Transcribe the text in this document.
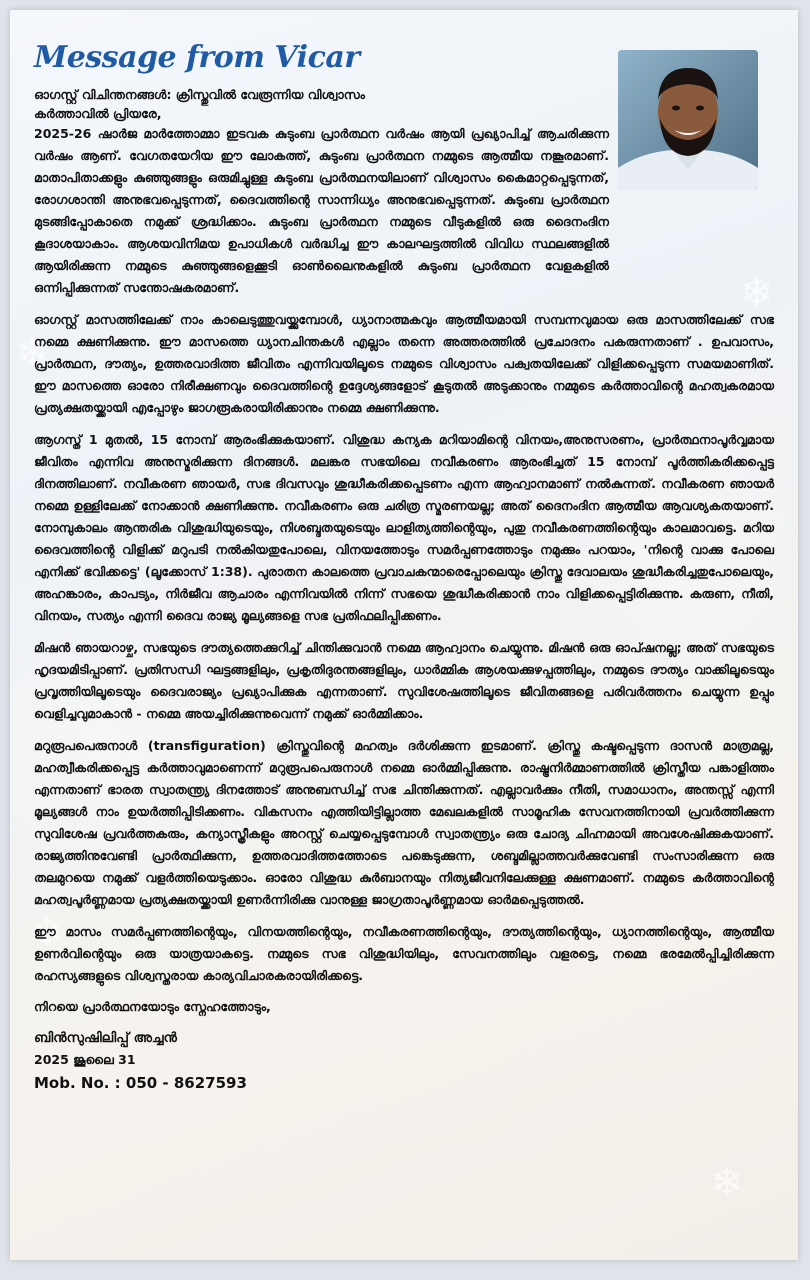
❄
❄
❄
❄
Message from Vicar

ഓഗസ്റ്റ് വിചിന്തനങ്ങൾ: ക്രിസ്തുവിൽ വേരൂന്നിയ വിശ്വാസം

കർത്താവിൽ പ്രിയരേ,

2025-26 ഷാർജ മാർത്തോമ്മാ ഇടവക കുടുംബ പ്രാർത്ഥന വർഷം ആയി പ്രഖ്യാപിച്ച് ആചരിക്കുന്ന വർഷം ആണ്. വേഗതയേറിയ ഈ ലോകത്ത്, കുടുംബ പ്രാർത്ഥന നമ്മുടെ ആത്മീയ നങ്കൂരമാണ്. മാതാപിതാക്കളും കുഞ്ഞുങ്ങളും ഒരുമിച്ചുള്ള കുടുംബ പ്രാർത്ഥനയിലാണ് വിശ്വാസം കൈമാറ്റപ്പെടുന്നത്, രോഗശാന്തി അനുഭവപ്പെടുന്നത്, ദൈവത്തിന്റെ സാന്നിധ്യം അനുഭവപ്പെടുന്നത്. കുടുംബ പ്രാർത്ഥന മുടങ്ങിപ്പോകാതെ നമുക്ക് ശ്രദ്ധിക്കാം. കുടുംബ പ്രാർത്ഥന നമ്മുടെ വീടുകളിൽ ഒരു ദൈനംദിന കൂദാശയാകാം. ആശയവിനിമയ ഉപാധികൾ വർദ്ധിച്ച ഈ കാലഘട്ടത്തിൽ വിവിധ സ്ഥലങ്ങളിൽ ആയിരിക്കുന്ന നമ്മുടെ കുഞ്ഞുങ്ങളെക്കൂടി ഓൺലൈനുകളിൽ കുടുംബ പ്രാർത്ഥന വേളകളിൽ ഒന്നിപ്പിക്കുന്നത് സന്തോഷകരമാണ്.

ഓഗസ്റ്റ് മാസത്തിലേക്ക് നാം കാലെടുത്തുവയ്ക്കുമ്പോൾ, ധ്യാനാത്മകവും ആത്മീയമായി സമ്പന്നവുമായ ഒരു മാസത്തിലേക്ക് സഭ നമ്മെ ക്ഷണിക്കുന്നു. ഈ മാസത്തെ ധ്യാനചിന്തകൾ എല്ലാം തന്നെ അത്തരത്തിൽ പ്രചോദനം പകരുന്നതാണ് . ഉപവാസം, പ്രാർത്ഥന, ദൗത്യം, ഉത്തരവാദിത്ത ജീവിതം എന്നിവയിലൂടെ നമ്മുടെ വിശ്വാസം പക്വതയിലേക്ക് വിളിക്കപ്പെടുന്ന സമയമാണിത്. ഈ മാസത്തെ ഓരോ നിരീക്ഷണവും ദൈവത്തിന്റെ ഉദ്ദേശ്യങ്ങളോട് കൂടുതൽ അടുക്കാനും നമ്മുടെ കർത്താവിന്റെ മഹത്വകരമായ പ്രത്യക്ഷതയ്ക്കായി എപ്പോഴും ജാഗരൂകരായിരിക്കാനും നമ്മെ ക്ഷണിക്കുന്നു.

ആഗസ്ത് 1 മുതൽ, 15 നോമ്പ് ആരംഭിക്കുകയാണ്. വിശുദ്ധ കന്യക മറിയാമിന്റെ വിനയം,അനുസരണം, പ്രാർത്ഥനാപൂർവ്വമായ ജീവിതം എന്നിവ അനുസ്മരിക്കുന്ന ദിനങ്ങൾ. മലങ്കര സഭയിലെ നവീകരണം ആരംഭിച്ചത് 15 നോമ്പ് പൂർത്തികരിക്കപ്പെട്ട ദിനത്തിലാണ്. നവീകരണ ഞായർ, സഭ ദിവസവും ശുദ്ധീകരിക്കപ്പെടണം എന്ന ആഹ്വാനമാണ് നൽകുന്നത്. നവീകരണ ഞായർ നമ്മെ ഉള്ളിലേക്ക് നോക്കാൻ ക്ഷണിക്കുന്നു. നവീകരണം ഒരു ചരിത്ര സ്മരണയല്ല; അത് ദൈനംദിന ആത്മീയ ആവശ്യകതയാണ്. നോമ്പുകാലം ആന്തരിക വിശുദ്ധിയുടെയും, നിശബ്ദതയുടെയും ലാളിത്യത്തിന്റെയും, പുതു നവീകരണത്തിന്റെയും കാലമാവട്ടെ. മറിയ ദൈവത്തിന്റെ വിളിക്ക് മറുപടി നൽകിയതുപോലെ, വിനയത്തോടും സമർപ്പണത്തോടും നമുക്കും പറയാം, 'നിന്റെ വാക്കു പോലെ എനിക്ക് ഭവിക്കട്ടെ' (ലൂക്കോസ് 1:38). പുരാതന കാലത്തെ പ്രവാചകന്മാരെപ്പോലെയും ക്രിസ്തു ദേവാലയം ശുദ്ധീകരിച്ചതുപോലെയും, അഹങ്കാരം, കാപട്യം, നിർജീവ ആചാരം എന്നിവയിൽ നിന്ന് സഭയെ ശുദ്ധീകരിക്കാൻ നാം വിളിക്കപ്പെട്ടിരിക്കുന്നു. കരുണ, നീതി, വിനയം, സത്യം എന്നി ദൈവ രാജ്യ മൂല്യങ്ങളെ സഭ പ്രതിഫലിപ്പിക്കണം.

മിഷൻ ഞായറാഴ്ച, സഭയുടെ ദൗത്യത്തെക്കുറിച്ച് ചിന്തിക്കുവാൻ നമ്മെ ആഹ്വാനം ചെയ്യുന്നു. മിഷൻ ഒരു ഓപ്ഷനല്ല; അത് സഭയുടെ ഹൃദയമിടിപ്പാണ്. പ്രതിസന്ധി ഘട്ടങ്ങളിലും, പ്രകൃതിദുരന്തങ്ങളിലും, ധാർമ്മിക ആശയക്കുഴപ്പത്തിലും, നമ്മുടെ ദൗത്യം വാക്കിലൂടെയും പ്രവൃത്തിയിലൂടെയും ദൈവരാജ്യം പ്രഖ്യാപിക്കുക എന്നതാണ്. സുവിശേഷത്തിലൂടെ ജീവിതങ്ങളെ പരിവർത്തനം ചെയ്യുന്ന ഉപ്പും വെളിച്ചവുമാകാൻ - നമ്മെ അയച്ചിരിക്കുന്നുവെന്ന് നമുക്ക് ഓർമ്മിക്കാം.

മറുരൂപപെരുനാൾ (transfiguration) ക്രിസ്തുവിന്റെ മഹത്വം ദർശിക്കുന്ന ഇടമാണ്. ക്രിസ്തു കഷ്ടപ്പെടുന്ന ദാസൻ മാത്രമല്ല, മഹത്വീകരിക്കപ്പെട്ട കർത്താവുമാണെന്ന് മറുരൂപപെരുനാൾ നമ്മെ ഓർമ്മിപ്പിക്കുന്നു. രാഷ്ട്രനിർമ്മാണത്തിൽ ക്രിസ്തീയ പങ്കാളിത്തം എന്നതാണ് ഭാരത സ്വാതന്ത്ര്യ ദിനത്തോട് അനുബന്ധിച്ച് സഭ ചിന്തിക്കുന്നത്. എല്ലാവർക്കും നീതി, സമാധാനം, അന്തസ്സ് എന്നി മൂല്യങ്ങൾ നാം ഉയർത്തിപ്പിടിക്കണം. വികസനം എത്തിയിട്ടില്ലാത്ത മേഖലകളിൽ സാമൂഹിക സേവനത്തിനായി പ്രവർത്തിക്കുന്ന സുവിശേഷ പ്രവർത്തകരും, കന്യാസ്ത്രീകളും അറസ്റ്റ് ചെയ്യപ്പെടുമ്പോൾ സ്വാതന്ത്ര്യം ഒരു ചോദ്യ ചിഹ്നമായി അവശേഷിക്കുകയാണ്. രാജ്യത്തിനുവേണ്ടി പ്രാർത്ഥിക്കുന്ന, ഉത്തരവാദിത്തത്തോടെ പങ്കെടുക്കുന്ന, ശബ്ദമില്ലാത്തവർക്കുവേണ്ടി സംസാരിക്കുന്ന ഒരു തലമുറയെ നമുക്ക് വളർത്തിയെടുക്കാം. ഓരോ വിശുദ്ധ കുർബാനയും നിത്യജീവനിലേക്കുള്ള ക്ഷണമാണ്. നമ്മുടെ കർത്താവിന്റെ മഹത്വപൂർണ്ണമായ പ്രത്യക്ഷതയ്ക്കായി ഉണർന്നിരിക്കു വാനുള്ള ജാഗ്രതാപൂർണ്ണമായ ഓർമപ്പെടുത്തൽ.

ഈ മാസം സമർപ്പണത്തിന്റെയും, വിനയത്തിന്റെയും, നവീകരണത്തിന്റെയും, ദൗത്യത്തിന്റെയും, ധ്യാനത്തിന്റെയും, ആത്മീയ ഉണർവിന്റെയും ഒരു യാത്രയാകട്ടെ. നമ്മുടെ സഭ വിശുദ്ധിയിലും, സേവനത്തിലും വളരട്ടെ, നമ്മെ ഭരമേൽപ്പിച്ചിരിക്കുന്ന രഹസ്യങ്ങളുടെ വിശ്വസ്തരായ കാര്യവിചാരകരായിരിക്കട്ടെ.

നിറയെ പ്രാർത്ഥനയോടും സ്നേഹത്തോടും,

ബിൻസുഷിലിപ്പ് അച്ചൻ

2025 ജൂലൈ 31

Mob. No. : 050 - 8627593
